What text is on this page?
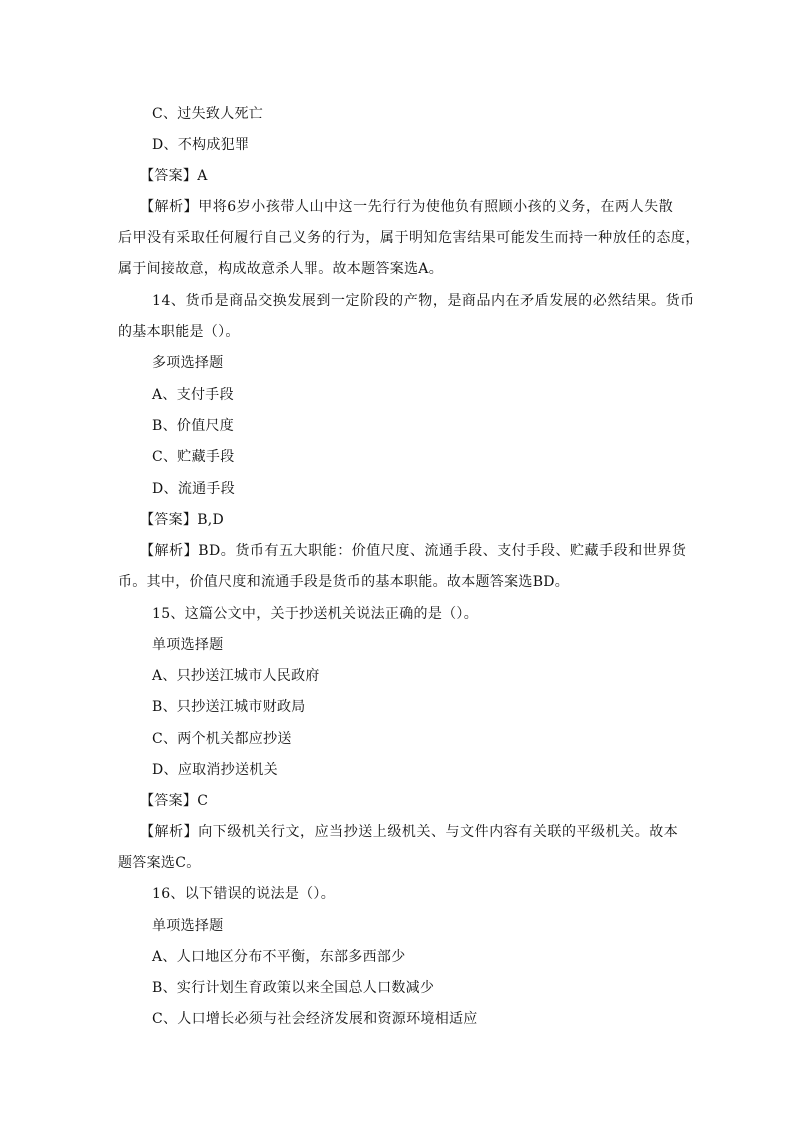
C、过失致人死亡
D、不构成犯罪
【答案】A
【解析】甲将6岁小孩带人山中这一先行行为使他负有照顾小孩的义务，在两人失散
后甲没有采取任何履行自己义务的行为，属于明知危害结果可能发生而持一种放任的态度，
属于间接故意，构成故意杀人罪。故本题答案选A。
14、货币是商品交换发展到一定阶段的产物，是商品内在矛盾发展的必然结果。货币
的基本职能是（）。
多项选择题
A、支付手段
B、价值尺度
C、贮藏手段
D、流通手段
【答案】B,D
【解析】BD。货币有五大职能：价值尺度、流通手段、支付手段、贮藏手段和世界货
币。其中，价值尺度和流通手段是货币的基本职能。故本题答案选BD。
15、这篇公文中，关于抄送机关说法正确的是（）。
单项选择题
A、只抄送江城市人民政府
B、只抄送江城市财政局
C、两个机关都应抄送
D、应取消抄送机关
【答案】C
【解析】向下级机关行文，应当抄送上级机关、与文件内容有关联的平级机关。故本
题答案选C。
16、以下错误的说法是（）。
单项选择题
A、人口地区分布不平衡，东部多西部少
B、实行计划生育政策以来全国总人口数减少
C、人口增长必须与社会经济发展和资源环境相适应
